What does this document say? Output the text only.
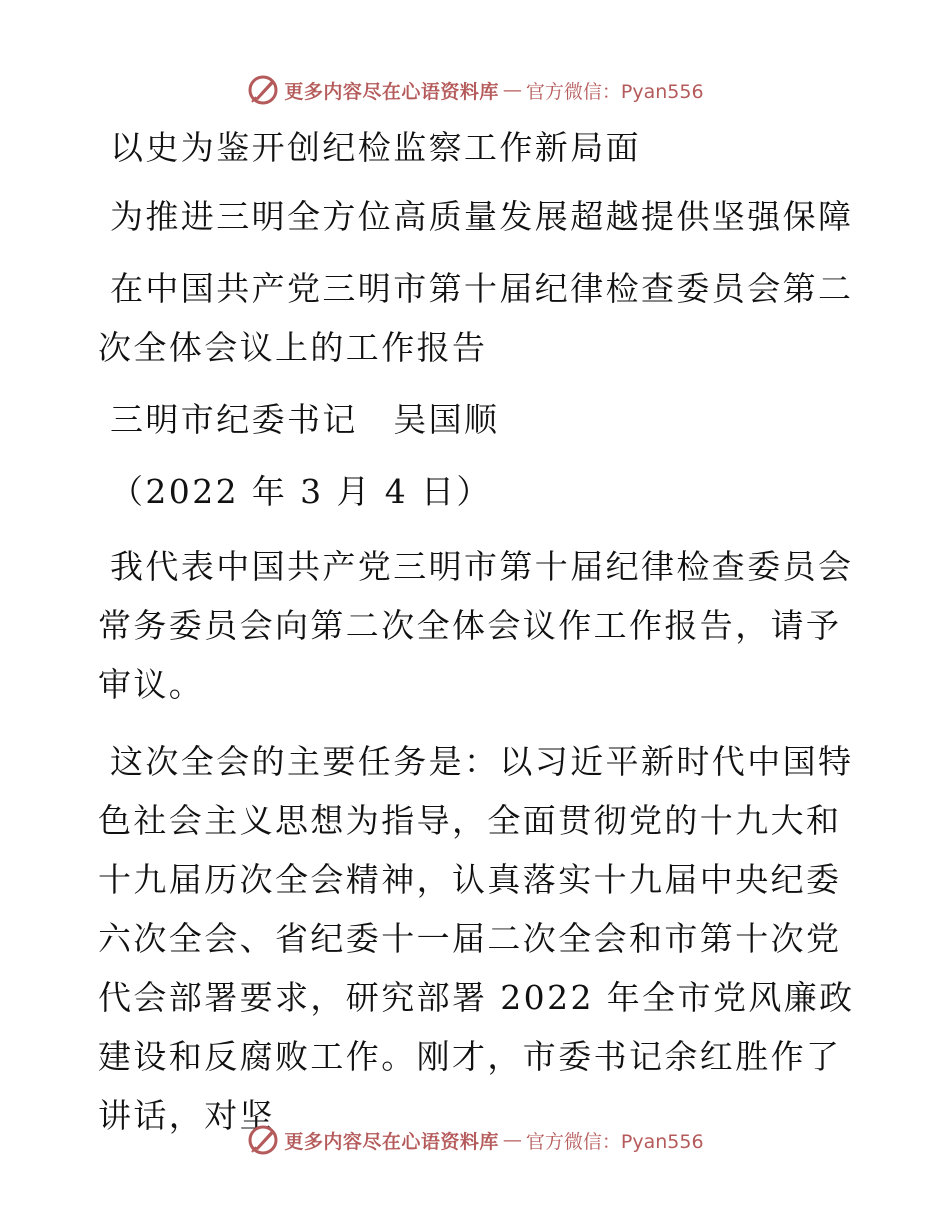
更多内容尽在心语资料库 — 官方微信：Pyan556

以史为鉴开创纪检监察工作新局面

为推进三明全方位高质量发展超越提供坚强保障

在中国共产党三明市第十届纪律检查委员会第二次全体会议上的工作报告

三明市纪委书记　吴国顺

（2022 年 3 月 4 日）

我代表中国共产党三明市第十届纪律检查委员会常务委员会向第二次全体会议作工作报告，请予审议。

这次全会的主要任务是：以习近平新时代中国特色社会主义思想为指导，全面贯彻党的十九大和十九届历次全会精神，认真落实十九届中央纪委六次全会、省纪委十一届二次全会和市第十次党代会部署要求，研究部署 2022 年全市党风廉政建设和反腐败工作。刚才，市委书记余红胜作了讲话，对坚

更多内容尽在心语资料库 — 官方微信：Pyan556
